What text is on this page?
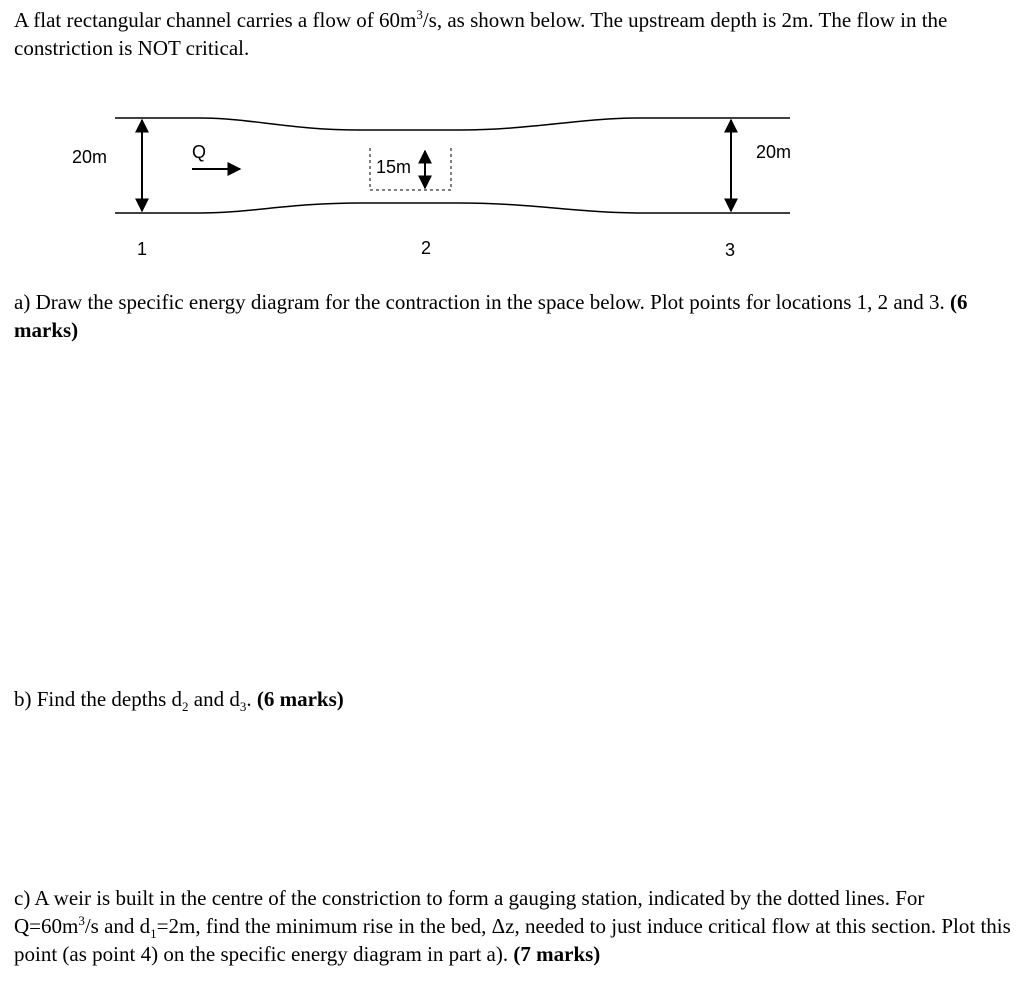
A flat rectangular channel carries a flow of $60m^3/s$, as shown below. The upstream depth is 2m. The flow in the constriction is NOT critical.

20m	Q
15m
20m
1	2	3

a) Draw the specific energy diagram for the contraction in the space below. Plot points for locations 1, 2 and 3. (6 marks)

b) Find the depths $d_2$ and $d_3$. (6 marks)

c) A weir is built in the centre of the constriction to form a gauging station, indicated by the dotted lines. For $Q=60m^3/s$ and $d_1=2m$, find the minimum rise in the bed, Δz, needed to just induce critical flow at this section. Plot this point (as point 4) on the specific energy diagram in part a). (7 marks)
